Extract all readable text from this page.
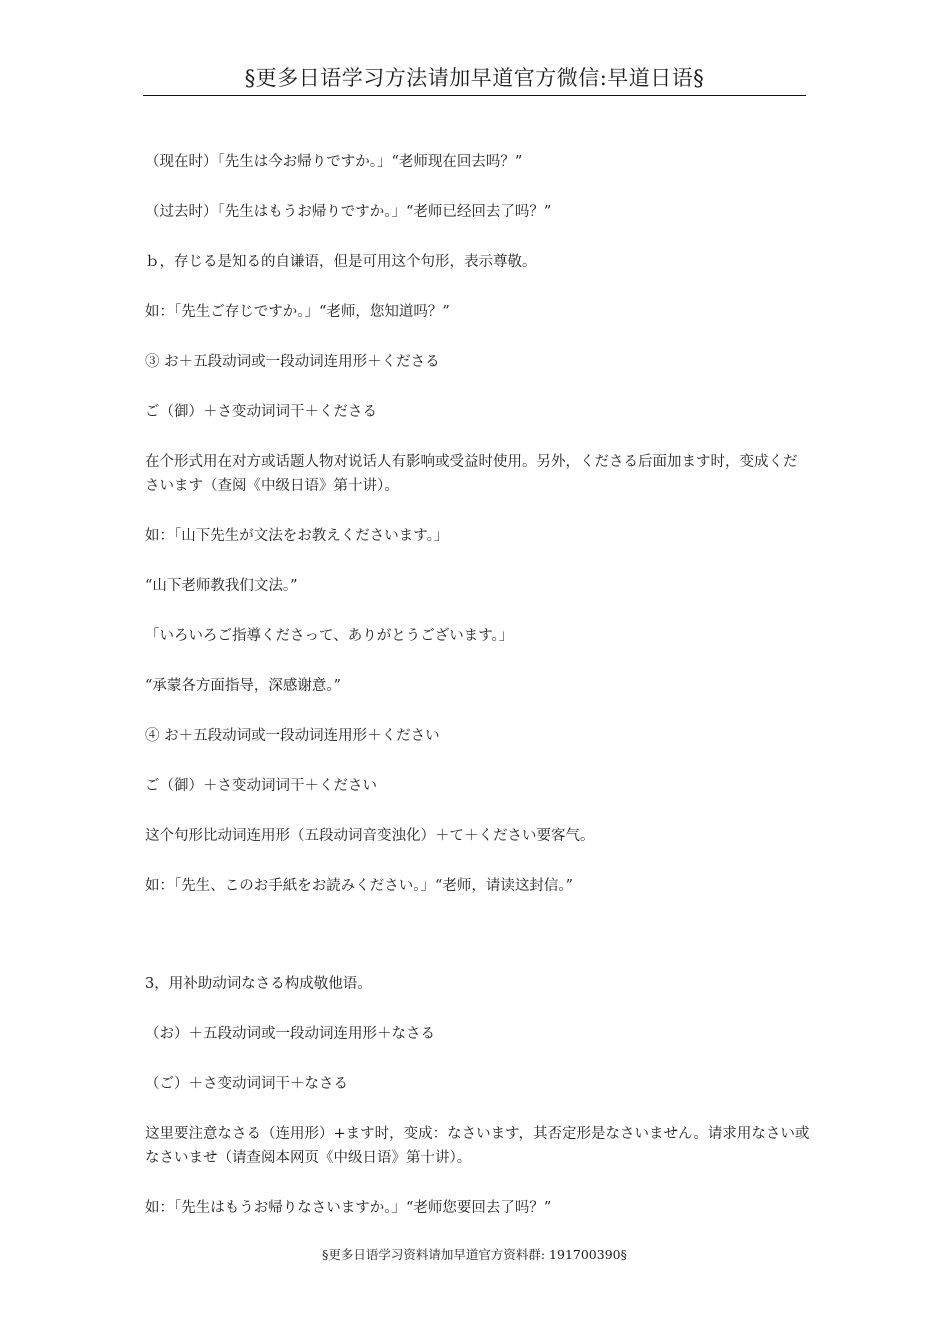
§更多日语学习方法请加早道官方微信:早道日语§

（现在时）「先生は今お帰りですか。」“老师现在回去吗？”

（过去时）「先生はもうお帰りですか。」“老师已经回去了吗？”

ｂ，存じる是知る的自谦语，但是可用这个句形，表示尊敬。

如：「先生ご存じですか。」“老师，您知道吗？”

③ お＋五段动词或一段动词连用形＋くださる

ご（御）＋さ变动词词干＋くださる

在个形式用在对方或话题人物对说话人有影响或受益时使用。另外，くださる后面加ます时，变成くださいます（查阅《中级日语》第十讲）。

如：「山下先生が文法をお教えくださいます。」

“山下老师教我们文法。”

「いろいろご指導くださって、ありがとうございます。」

“承蒙各方面指导，深感谢意。”

④ お＋五段动词或一段动词连用形＋ください

ご（御）＋さ变动词词干＋ください

这个句形比动词连用形（五段动词音变浊化）＋て＋ください要客气。

如：「先生、このお手紙をお読みください。」“老师，请读这封信。”

3，用补助动词なさる构成敬他语。

（お）＋五段动词或一段动词连用形＋なさる

（ご）＋さ变动词词干＋なさる

这里要注意なさる（连用形）+ます时，变成：なさいます，其否定形是なさいません。请求用なさい或なさいませ（请查阅本网页《中级日语》第十讲）。

如：「先生はもうお帰りなさいますか。」“老师您要回去了吗？”

§更多日语学习资料请加早道官方资料群: 191700390§
